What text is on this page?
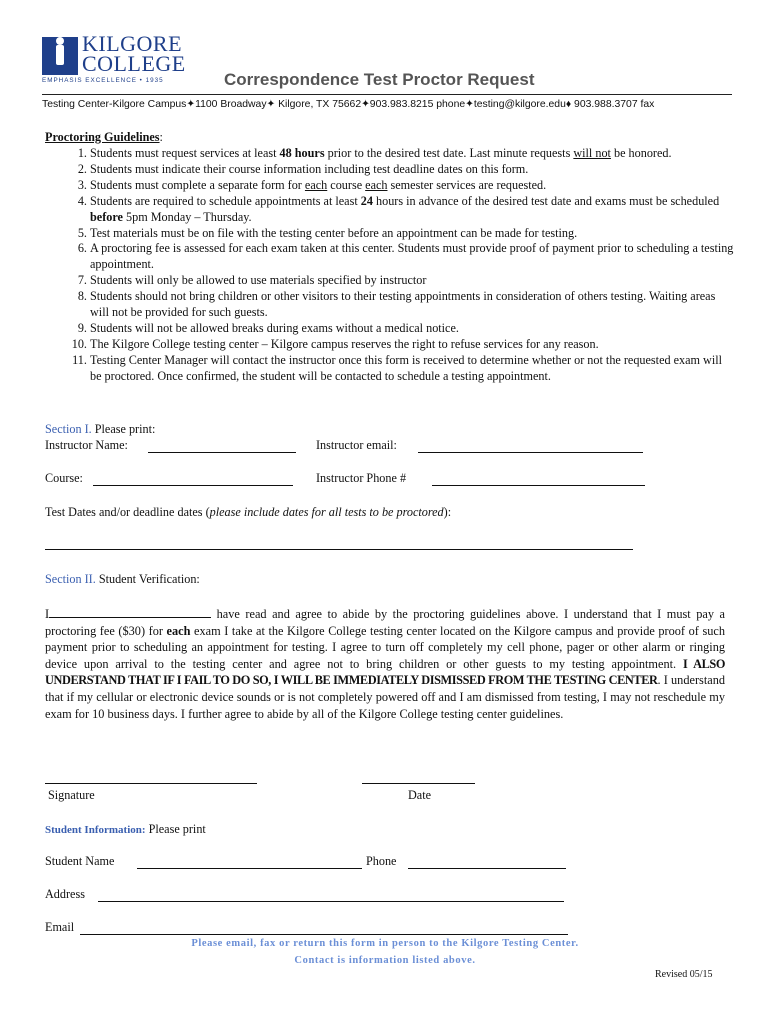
KILGORE
COLLEGE
EMPHASIS EXCELLENCE • 1935	Correspondence Test Proctor Request
Testing Center-Kilgore Campus✦1100 Broadway✦ Kilgore, TX 75662✦903.983.8215 phone✦testing@kilgore.edu♦ 903.988.3707 fax
Proctoring Guidelines:
1. Students must request services at least 48 hours prior to the desired test date. Last minute requests will not be honored.
2. Students must indicate their course information including test deadline dates on this form.
3. Students must complete a separate form for each course each semester services are requested.
4. Students are required to schedule appointments at least 24 hours in advance of the desired test date and exams must be scheduled before 5pm Monday – Thursday.
5. Test materials must be on file with the testing center before an appointment can be made for testing.
6. A proctoring fee is assessed for each exam taken at this center. Students must provide proof of payment prior to scheduling a testing appointment.
7. Students will only be allowed to use materials specified by instructor
8. Students should not bring children or other visitors to their testing appointments in consideration of others testing. Waiting areas will not be provided for such guests.
9. Students will not be allowed breaks during exams without a medical notice.
10. The Kilgore College testing center – Kilgore campus reserves the right to refuse services for any reason.
11. Testing Center Manager will contact the instructor once this form is received to determine whether or not the requested exam will be proctored. Once confirmed, the student will be contacted to schedule a testing appointment.
Section I. Please print:
Instructor Name:	Instructor email:
Course:	Instructor Phone #
Test Dates and/or deadline dates (please include dates for all tests to be proctored):
Section II. Student Verification:
I	have read and agree to abide by the proctoring guidelines above. I understand that I must pay a proctoring fee ($30) for each exam I take at the Kilgore College testing center located on the Kilgore campus and provide proof of such payment prior to scheduling an appointment for testing. I agree to turn off completely my cell phone, pager or other alarm or ringing device upon arrival to the testing center and agree not to bring children or other guests to my testing appointment. I ALSO UNDERSTAND THAT IF I FAIL TO DO SO, I WILL BE IMMEDIATELY DISMISSED FROM THE TESTING CENTER. I understand that if my cellular or electronic device sounds or is not completely powered off and I am dismissed from testing, I may not reschedule my exam for 10 business days. I further agree to abide by all of the Kilgore College testing center guidelines.
Signature	Date
Student Information: Please print
Student Name	Phone
Address
Email
Please email, fax or return this form in person to the Kilgore Testing Center.
Contact is information listed above.
Revised 05/15
